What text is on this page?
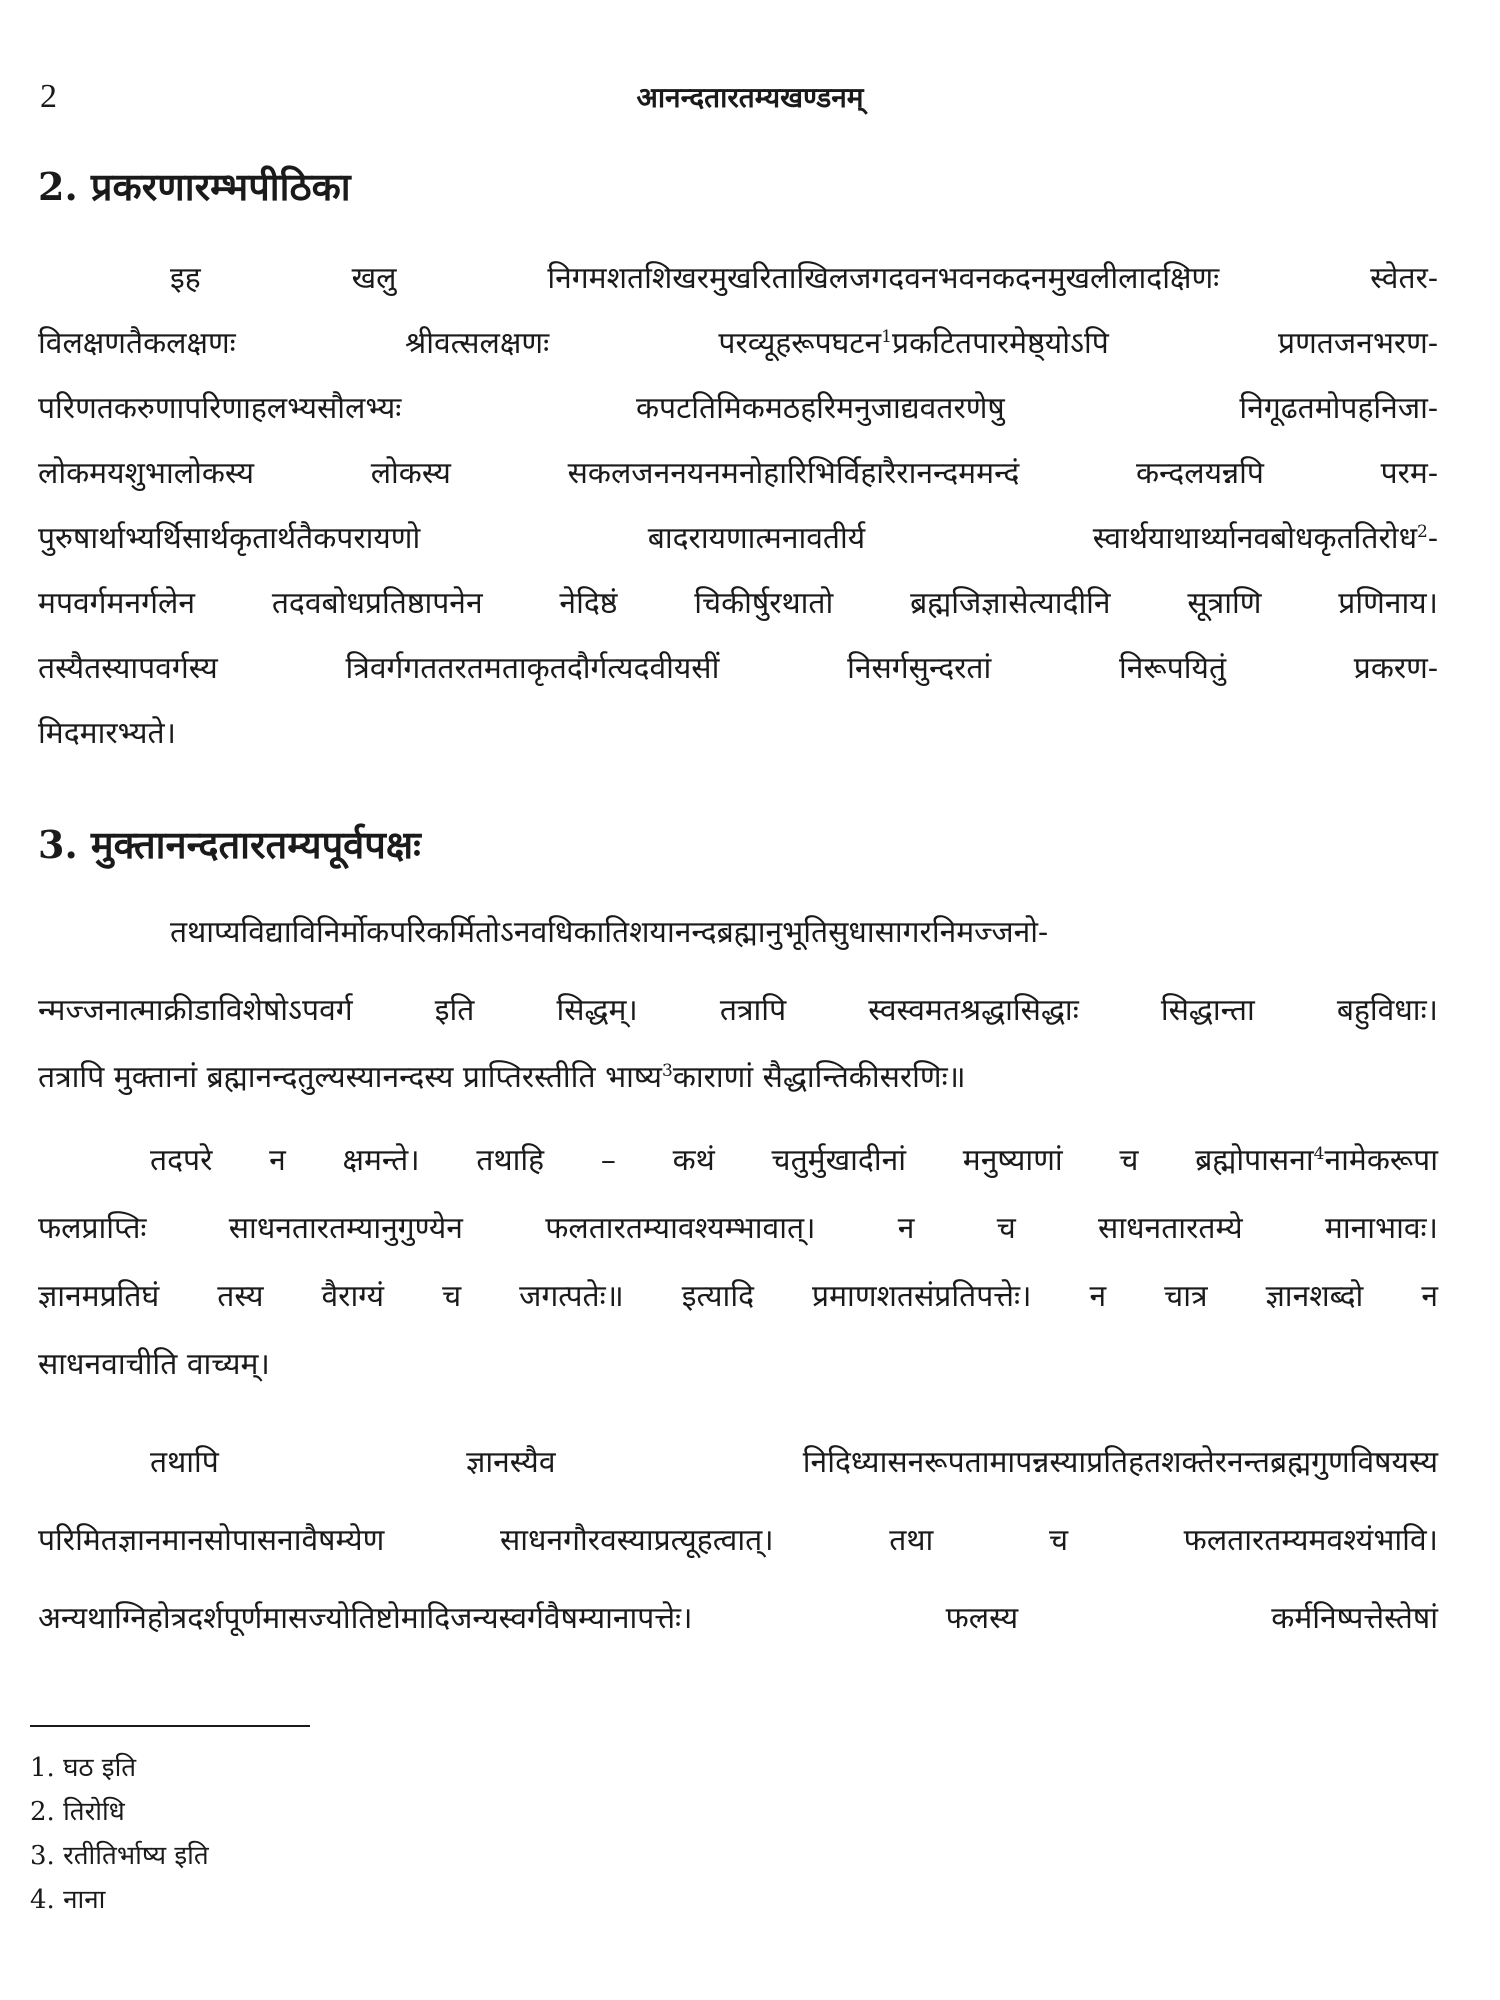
2	आनन्दतारतम्यखण्डनम्
2. प्रकरणारम्भपीठिका
इह खलु निगमशतशिखरमुखरिताखिलजगदवनभवनकदनमुखलीलादक्षिणः स्वेतर-
विलक्षणतैकलक्षणः श्रीवत्सलक्षणः परव्यूहरूपघटन$^1$प्रकटितपारमेष्ठ्योऽपि प्रणतजनभरण-
परिणतकरुणापरिणाहलभ्यसौलभ्यः कपटतिमिकमठहरिमनुजाद्यवतरणेषु निगूढतमोपहनिजा-
लोकमयशुभालोकस्य लोकस्य सकलजननयनमनोहारिभिर्विहारैरानन्दममन्दं कन्दलयन्नपि परम-
पुरुषार्थाभ्यर्थिसार्थकृतार्थतैकपरायणो बादरायणात्मनावतीर्य स्वार्थयाथार्थ्यानवबोधकृततिरोध$^2$-
मपवर्गमनर्गलेन तदवबोधप्रतिष्ठापनेन नेदिष्ठं चिकीर्षुरथातो ब्रह्मजिज्ञासेत्यादीनि सूत्राणि प्रणिनाय।
तस्यैतस्यापवर्गस्य त्रिवर्गगततरतमताकृतदौर्गत्यदवीयसीं निसर्गसुन्दरतां निरूपयितुं प्रकरण-
मिदमारभ्यते।
3. मुक्तानन्दतारतम्यपूर्वपक्षः
तथाप्यविद्याविनिर्मोकपरिकर्मितोऽनवधिकातिशयानन्दब्रह्मानुभूतिसुधासागरनिमज्जनो-
न्मज्जनात्माक्रीडाविशेषोऽपवर्ग इति सिद्धम्। तत्रापि स्वस्वमतश्रद्धासिद्धाः सिद्धान्ता बहुविधाः।
तत्रापि मुक्तानां ब्रह्मानन्दतुल्यस्यानन्दस्य प्राप्तिरस्तीति भाष्य$^3$काराणां सैद्धान्तिकीसरणिः॥
तदपरे न क्षमन्ते। तथाहि – कथं चतुर्मुखादीनां मनुष्याणां च ब्रह्मोपासना$^4$नामेकरूपा
फलप्राप्तिः साधनतारतम्यानुगुण्येन फलतारतम्यावश्यम्भावात्। न च साधनतारतम्ये मानाभावः।
ज्ञानमप्रतिघं तस्य वैराग्यं च जगत्पतेः॥ इत्यादि प्रमाणशतसंप्रतिपत्तेः। न चात्र ज्ञानशब्दो न
साधनवाचीति वाच्यम्।
तथापि ज्ञानस्यैव निदिध्यासनरूपतामापन्नस्याप्रतिहतशक्तेरनन्तब्रह्मगुणविषयस्य
परिमितज्ञानमानसोपासनावैषम्येण साधनगौरवस्याप्रत्यूहत्वात्। तथा च फलतारतम्यमवश्यंभावि।
अन्यथाग्निहोत्रदर्शपूर्णमासज्योतिष्टोमादिजन्यस्वर्गवैषम्यानापत्तेः। फलस्य कर्मनिष्पत्तेस्तेषां
1. घठ इति
2. तिरोधि
3. रतीतिर्भाष्य इति
4. नाना
